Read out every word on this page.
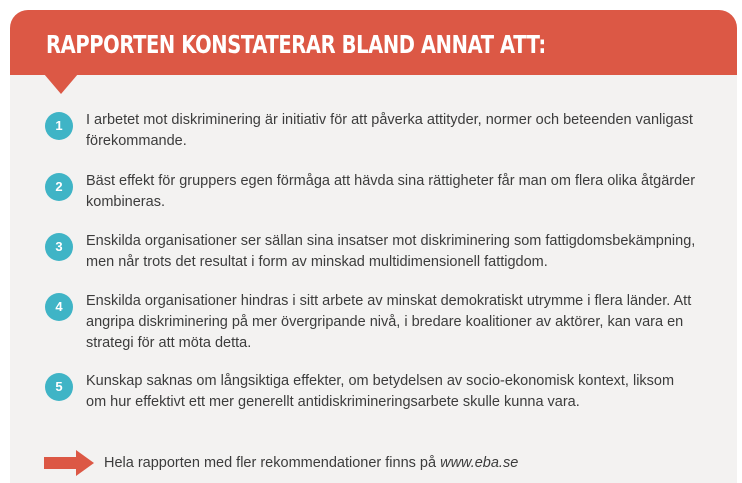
RAPPORTEN KONSTATERAR BLAND ANNAT ATT:
1	I arbetet mot diskriminering är initiativ för att påverka attityder, normer och beteenden vanligast förekommande.

2	Bäst effekt för gruppers egen förmåga att hävda sina rättigheter får man om flera olika åtgärder kombineras.

3	Enskilda organisationer ser sällan sina insatser mot diskriminering som fattigdomsbekämpning, men når trots det resultat i form av minskad multidimensionell fattigdom.

4	Enskilda organisationer hindras i sitt arbete av minskat demokratiskt utrymme i flera länder. Att angripa diskriminering på mer övergripande nivå, i bredare koalitioner av aktörer, kan vara en strategi för att möta detta.

5	Kunskap saknas om långsiktiga effekter, om betydelsen av socio-ekonomisk kontext, liksom om hur effektivt ett mer generellt antidiskrimineringsarbete skulle kunna vara.

Hela rapporten med fler rekommendationer finns på www.eba.se
